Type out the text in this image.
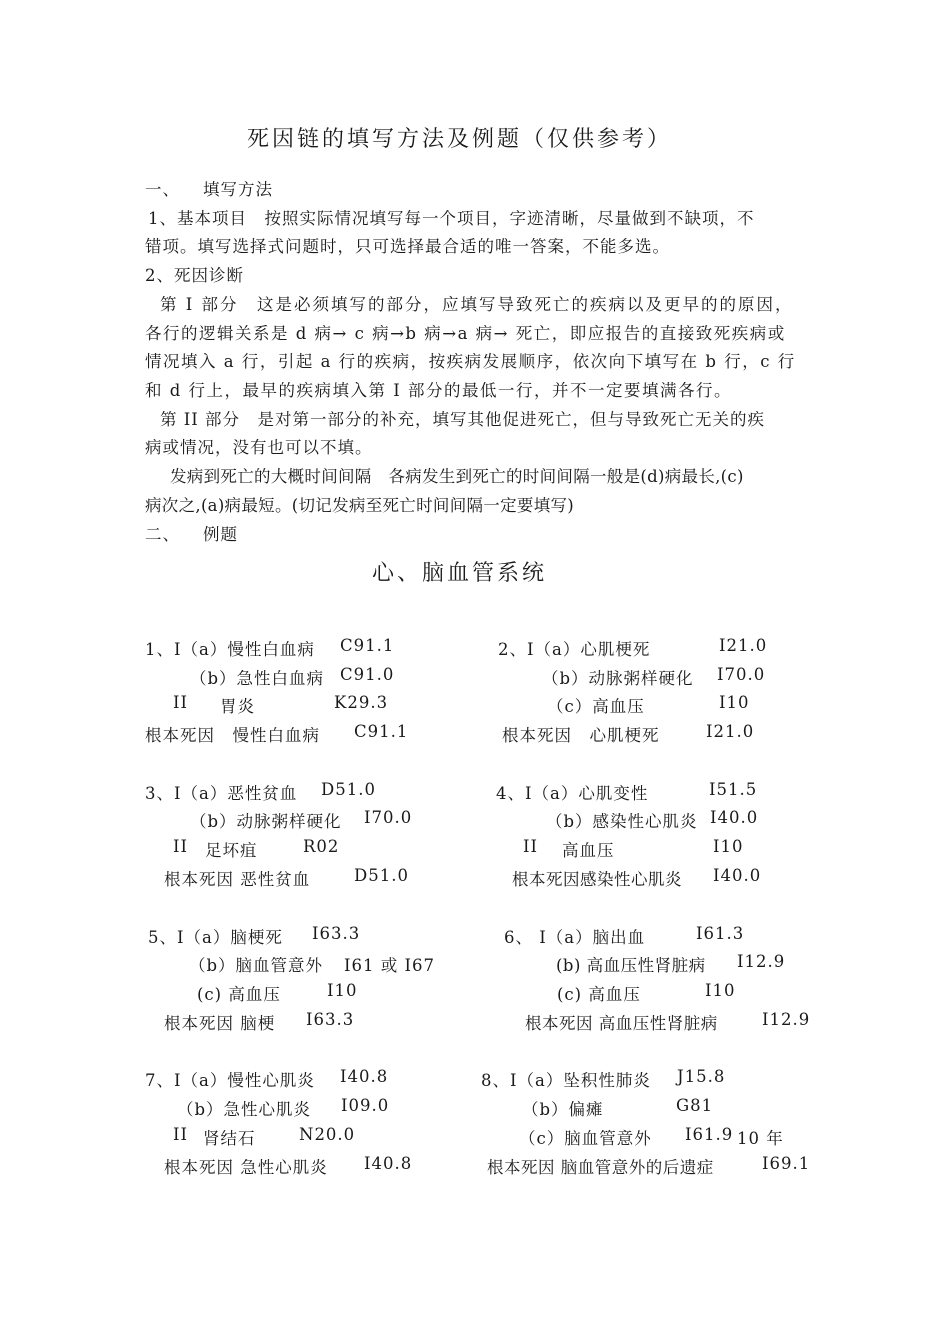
死因链的填写方法及例题（仅供参考）
一、 填写方法
1、基本项目　按照实际情况填写每一个项目，字迹清晰，尽量做到不缺项，不
错项。填写选择式问题时，只可选择最合适的唯一答案，不能多选。
2、死因诊断
第 I 部分　这是必须填写的部分，应填写导致死亡的疾病以及更早的的原因，
各行的逻辑关系是 d 病→ c 病→b 病→a 病→ 死亡，即应报告的直接致死疾病或
情况填入 a 行，引起 a 行的疾病，按疾病发展顺序，依次向下填写在 b 行，c 行
和 d 行上，最早的疾病填入第 I 部分的最低一行，并不一定要填满各行。
第 II 部分　是对第一部分的补充，填写其他促进死亡，但与导致死亡无关的疾
病或情况，没有也可以不填。
发病到死亡的大概时间间隔　各病发生到死亡的时间间隔一般是(d)病最长,(c)
病次之,(a)病最短。(切记发病至死亡时间间隔一定要填写)
二、 例题
心、脑血管系统
1、I（a）慢性白血病 C91.1
（b）急性白血病 C91.0
II 胃炎	K29.3
根本死因　慢性白血病 C91.1
2、I（a）心肌梗死	I21.0
（b）动脉粥样硬化 I70.0
（c）高血压	I10
根本死因　心肌梗死	I21.0
3、I（a）恶性贫血 D51.0
（b）动脉粥样硬化 I70.0
II 足坏疽	R02
根本死因 恶性贫血	D51.0
4、I（a）心肌变性	I51.5
（b）感染性心肌炎 I40.0
II 高血压	I10
根本死因感染性心肌炎 I40.0
5、I（a）脑梗死 I63.3
（b）脑血管意外 I61 或 I67
(c) 高血压	I10
根本死因 脑梗 I63.3
6、 I（a）脑出血	I61.3
(b) 高血压性肾脏病 I12.9
(c) 高血压	I10
根本死因 高血压性肾脏病	I12.9
7、I（a）慢性心肌炎 I40.8
（b）急性心肌炎 I09.0
II 肾结石	N20.0
根本死因 急性心肌炎 I40.8
8、I（a）坠积性肺炎 J15.8
（b）偏瘫	G81
（c）脑血管意外 I61.9 10 年
根本死因 脑血管意外的后遗症	I69.1
